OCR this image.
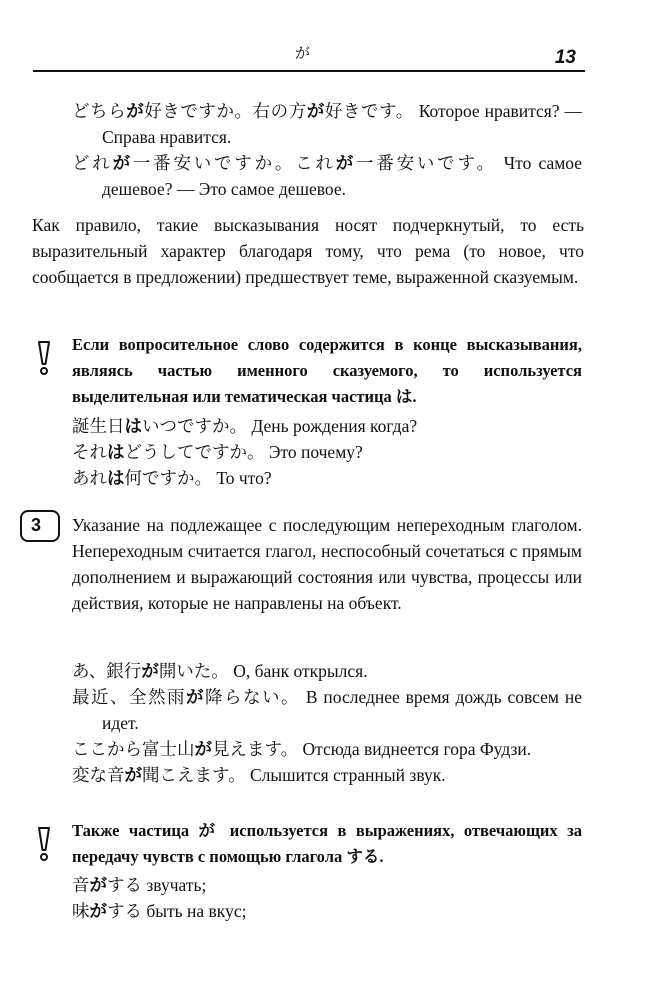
が	13

どちらが好きですか。右の方が好きです。 Которое нравится? — Справа нравится.

どれが一番安いですか。これが一番安いです。 Что самое дешевое? — Это самое дешевое.

Как правило, такие высказывания носят подчеркнутый, то есть выразительный характер благодаря тому, что рема (то новое, что сообщается в предложении) предшествует теме, выраженной сказуемым.

Если вопросительное слово содержится в конце высказывания, являясь частью именного сказуемого, то используется выделительная или тематическая частица は.

誕生日はいつですか。 День рождения когда?

それはどうしてですか。 Это почему?

あれは何ですか。 То что?

3 Указание на подлежащее с последующим непереходным глаголом. Непереходным считается глагол, неспособный сочетаться с прямым дополнением и выражающий состояния или чувства, процессы или действия, которые не направлены на объект.

あ、銀行が開いた。 О, банк открылся.

最近、全然雨が降らない。 В последнее время дождь совсем не идет.

ここから富士山が見えます。 Отсюда виднеется гора Фудзи.

変な音が聞こえます。 Слышится странный звук.

Также частица が используется в выражениях, отвечающих за передачу чувств с помощью глагола する.

音がする звучать;

味がする быть на вкус;
